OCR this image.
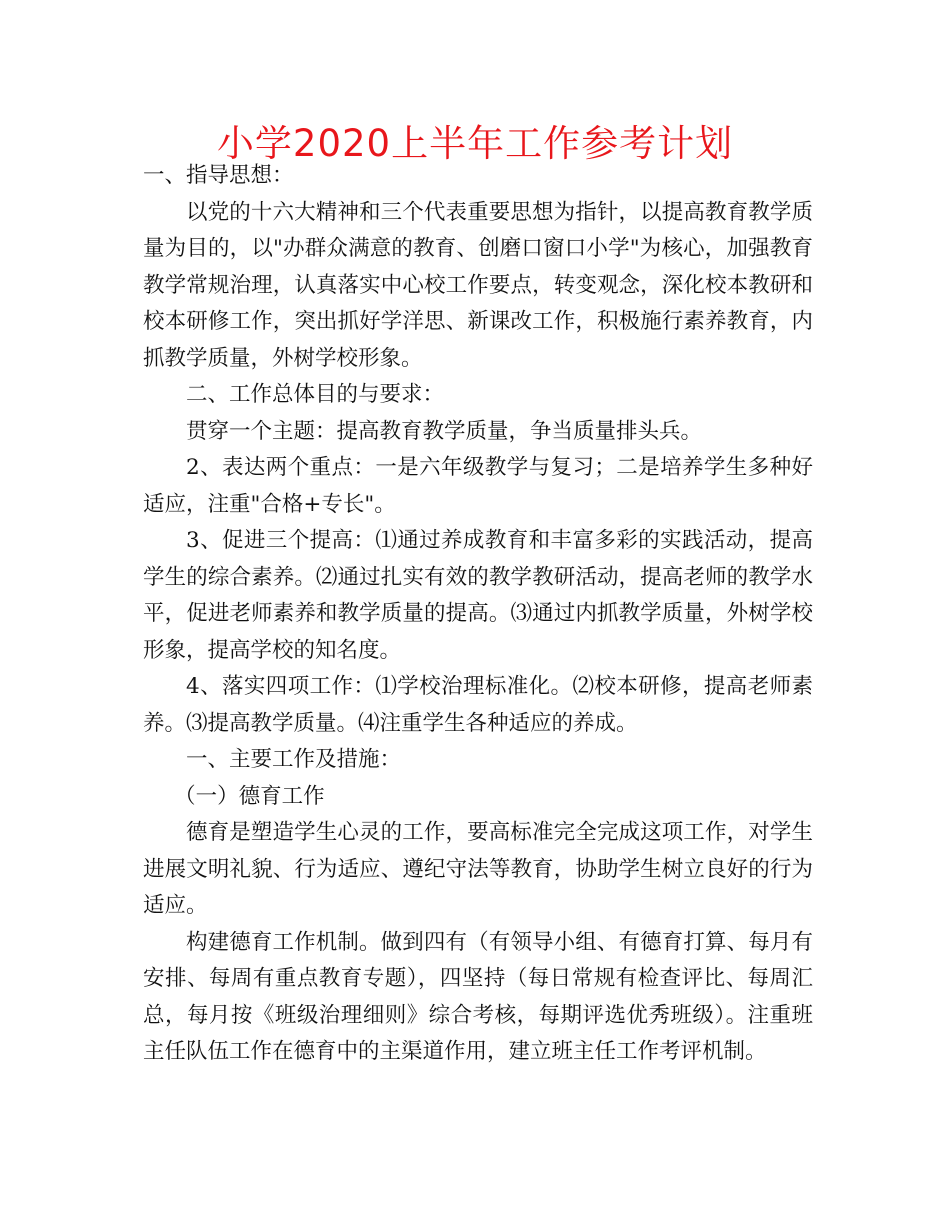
小学2020上半年工作参考计划

一、指导思想：

以党的十六大精神和三个代表重要思想为指针，以提高教育教学质量为目的，以"办群众满意的教育、创磨口窗口小学"为核心，加强教育教学常规治理，认真落实中心校工作要点，转变观念，深化校本教研和校本研修工作，突出抓好学洋思、新课改工作，积极施行素养教育，内抓教学质量，外树学校形象。

二、工作总体目的与要求：

贯穿一个主题：提高教育教学质量，争当质量排头兵。

2、表达两个重点：一是六年级教学与复习；二是培养学生多种好适应，注重"合格+专长"。

3、促进三个提高：⑴通过养成教育和丰富多彩的实践活动，提高学生的综合素养。⑵通过扎实有效的教学教研活动，提高老师的教学水平，促进老师素养和教学质量的提高。⑶通过内抓教学质量，外树学校形象，提高学校的知名度。

4、落实四项工作：⑴学校治理标准化。⑵校本研修，提高老师素养。⑶提高教学质量。⑷注重学生各种适应的养成。

一、主要工作及措施：

（一）德育工作

德育是塑造学生心灵的工作，要高标准完全完成这项工作，对学生进展文明礼貌、行为适应、遵纪守法等教育，协助学生树立良好的行为适应。

构建德育工作机制。做到四有（有领导小组、有德育打算、每月有安排、每周有重点教育专题），四坚持（每日常规有检查评比、每周汇总，每月按《班级治理细则》综合考核，每期评选优秀班级）。注重班主任队伍工作在德育中的主渠道作用，建立班主任工作考评机制。
